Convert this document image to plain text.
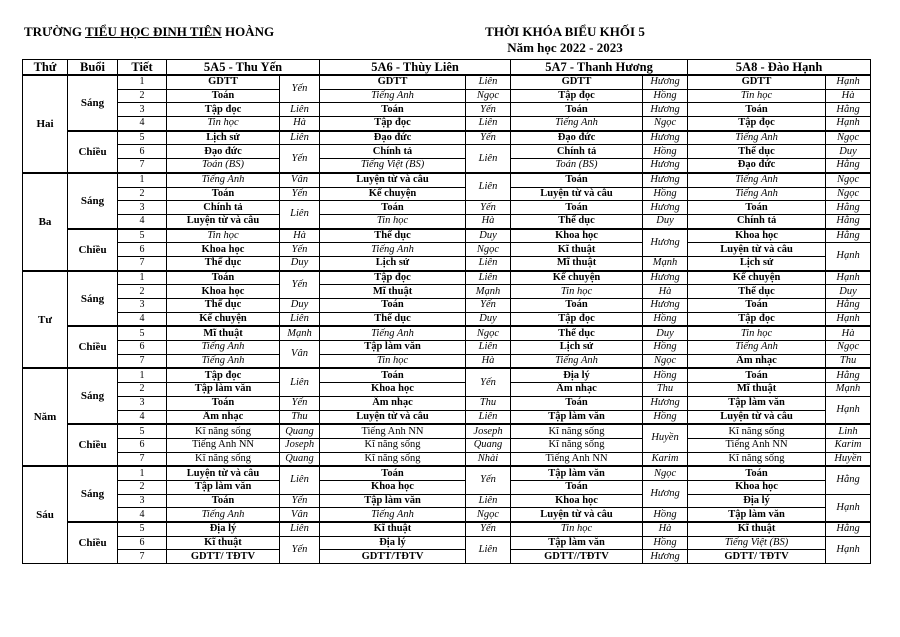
TRƯỜNG TIỂU HỌC ĐINH TIÊN HOÀNG	THỜI KHÓA BIỂU KHỐI 5
Năm học 2022 - 2023
Thứ	Buổi	Tiết	5A5 - Thu Yến		5A6 - Thùy Liên		5A7 - Thanh Hương		5A8 - Đào Hạnh	
Hai	Sáng	1	GDTT	Yến	GDTT	Liên	GDTT	Hương	GDTT	Hạnh
		2	Toán		Tiếng Anh	Ngọc	Tập đọc	Hồng	Tin học	Hà
		3	Tập đọc	Liên	Toán	Yến	Toán	Hương	Toán	Hằng
		4	Tin học	Hà	Tập đọc	Liên	Tiếng Anh	Ngọc	Tập đọc	Hạnh
	Chiều	5	Lịch sử	Liên	Đạo đức	Yến	Đạo đức	Hương	Tiếng Anh	Ngọc
		6	Đạo đức	Yến	Chính tả	Liên	Chính tả	Hồng	Thể dục	Duy
		7	Toán (BS)		Tiếng Việt (BS)		Toán (BS)	Hương	Đạo đức	Hằng
Ba	Sáng	1	Tiếng Anh	Vân	Luyện từ và câu	Liên	Toán	Hương	Tiếng Anh	Ngọc
		2	Toán	Yến	Kể chuyện		Luyện từ và câu	Hồng	Tiếng Anh	Ngọc
		3	Chính tả	Liên	Toán	Yến	Toán	Hương	Toán	Hằng
		4	Luyện từ và câu		Tin học	Hà	Thể dục	Duy	Chính tả	Hằng
	Chiều	5	Tin học	Hà	Thể dục	Duy	Khoa học	Hương	Khoa học	Hằng
		6	Khoa học	Yến	Tiếng Anh	Ngọc	Kĩ thuật		Luyện từ và câu	Hạnh
		7	Thể dục	Duy	Lịch sử	Liên	Mĩ thuật	Mạnh	Lịch sử	
Tư	Sáng	1	Toán	Yến	Tập đọc	Liên	Kể chuyện	Hương	Kể chuyện	Hạnh
		2	Khoa học		Mĩ thuật	Mạnh	Tin học	Hà	Thể dục	Duy
		3	Thể dục	Duy	Toán	Yến	Toán	Hương	Toán	Hằng
		4	Kể chuyện	Liên	Thể dục	Duy	Tập đọc	Hồng	Tập đọc	Hạnh
	Chiều	5	Mĩ thuật	Mạnh	Tiếng Anh	Ngọc	Thể dục	Duy	Tin học	Hà
		6	Tiếng Anh	Vân	Tập làm văn	Liên	Lịch sử	Hồng	Tiếng Anh	Ngọc
		7	Tiếng Anh		Tin học	Hà	Tiếng Anh	Ngọc	Âm nhạc	Thu
Năm	Sáng	1	Tập đọc	Liên	Toán	Yến	Địa lý	Hồng	Toán	Hằng
		2	Tập làm văn		Khoa học		Âm nhạc	Thu	Mĩ thuật	Mạnh
		3	Toán	Yến	Âm nhạc	Thu	Toán	Hương	Tập làm văn	Hạnh
		4	Âm nhạc	Thu	Luyện từ và câu	Liên	Tập làm văn	Hồng	Luyện từ và câu	
	Chiều	5	Kĩ năng sống	Quang	Tiếng Anh NN	Joseph	Kĩ năng sống	Huyền	Kĩ năng sống	Linh
		6	Tiếng Anh NN	Joseph	Kĩ năng sống	Quang	Kĩ năng sống		Tiếng Anh NN	Karim
		7	Kĩ năng sống	Quang	Kĩ năng sống	Nhài	Tiếng Anh NN	Karim	Kĩ năng sống	Huyền
Sáu	Sáng	1	Luyện từ và câu	Liên	Toán	Yến	Tập làm văn	Ngọc	Toán	Hằng
		2	Tập làm văn		Khoa học		Toán	Hương	Khoa học	
		3	Toán	Yến	Tập làm văn	Liên	Khoa học		Địa lý	Hạnh
		4	Tiếng Anh	Vân	Tiếng Anh	Ngọc	Luyện từ và câu	Hồng	Tập làm văn	
	Chiều	5	Địa lý	Liên	Kĩ thuật	Yến	Tin học	Hà	Kĩ thuật	Hằng
		6	Kĩ thuật	Yến	Địa lý	Liên	Tập làm văn	Hồng	Tiếng Việt (BS)	Hạnh
		7	GDTT/ TĐTV		GDTT/TĐTV		GDTT//TĐTV	Hương	GDTT/ TĐTV	
